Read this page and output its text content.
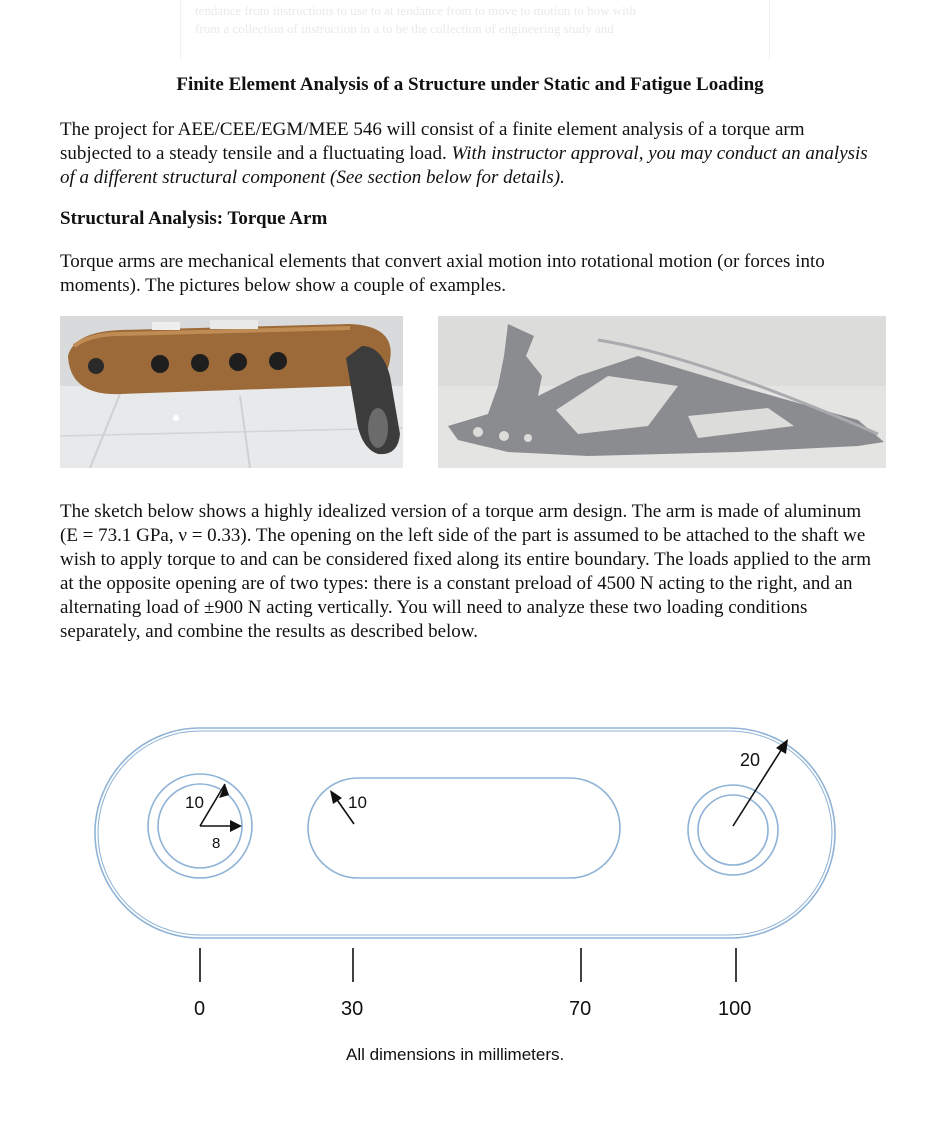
tendance from instructions to use to at tendance from to move to motion to how with
from a collection of instruction in a to be the collection of engineering study and
Finite Element Analysis of a Structure under Static and Fatigue Loading

The project for AEE/CEE/EGM/MEE 546 will consist of a finite element analysis of a torque arm subjected to a steady tensile and a fluctuating load. With instructor approval, you may conduct an analysis of a different structural component (See section below for details).

Structural Analysis: Torque Arm

Torque arms are mechanical elements that convert axial motion into rotational motion (or forces into moments). The pictures below show a couple of examples.

The sketch below shows a highly idealized version of a torque arm design. The arm is made of aluminum (E = 73.1 GPa, ν = 0.33). The opening on the left side of the part is assumed to be attached to the shaft we wish to apply torque to and can be considered fixed along its entire boundary. The loads applied to the arm at the opposite opening are of two types: there is a constant preload of 4500 N acting to the right, and an alternating load of ±900 N acting vertically. You will need to analyze these two loading conditions separately, and combine the results as described below.

10
8
10
20
0	30	70	100
All dimensions in millimeters.
